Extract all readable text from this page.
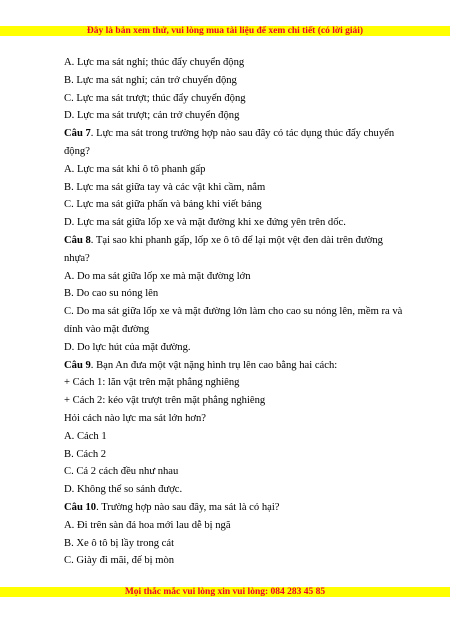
Đây là bản xem thử, vui lòng mua tài liệu để xem chi tiết (có lời giải)
A. Lực ma sát nghỉ; thúc đẩy chuyển động
B. Lực ma sát nghỉ; cản trở chuyển động
C. Lực ma sát trượt; thúc đẩy chuyển động
D. Lực ma sát trượt; cản trở chuyển động
Câu 7. Lực ma sát trong trường hợp nào sau đây có tác dụng thúc đẩy chuyển động?
A. Lực ma sát khi ô tô phanh gấp
B. Lực ma sát giữa tay và các vật khi cầm, nắm
C. Lực ma sát giữa phấn và bảng khi viết bảng
D. Lực ma sát giữa lốp xe và mặt đường khi xe đứng yên trên dốc.
Câu 8. Tại sao khi phanh gấp, lốp xe ô tô để lại một vệt đen dài trên đường nhựa?
A. Do ma sát giữa lốp xe mà mặt đường lớn
B. Do cao su nóng lên
C. Do ma sát giữa lốp xe và mặt đường lớn làm cho cao su nóng lên, mềm ra và dính vào mặt đường
D. Do lực hút của mặt đường.
Câu 9. Bạn An đưa một vật nặng hình trụ lên cao bằng hai cách:
+ Cách 1: lăn vật trên mặt phẳng nghiêng
+ Cách 2: kéo vật trượt trên mặt phẳng nghiêng
Hỏi cách nào lực ma sát lớn hơn?
A. Cách 1
B. Cách 2
C. Cả 2 cách đều như nhau
D. Không thể so sánh được.
Câu 10. Trường hợp nào sau đây, ma sát là có hại?
A. Đi trên sàn đá hoa mới lau dễ bị ngã
B. Xe ô tô bị lầy trong cát
C. Giày đi mãi, đế bị mòn
Mọi thắc mắc vui lòng xin vui lòng: 084 283 45 85
